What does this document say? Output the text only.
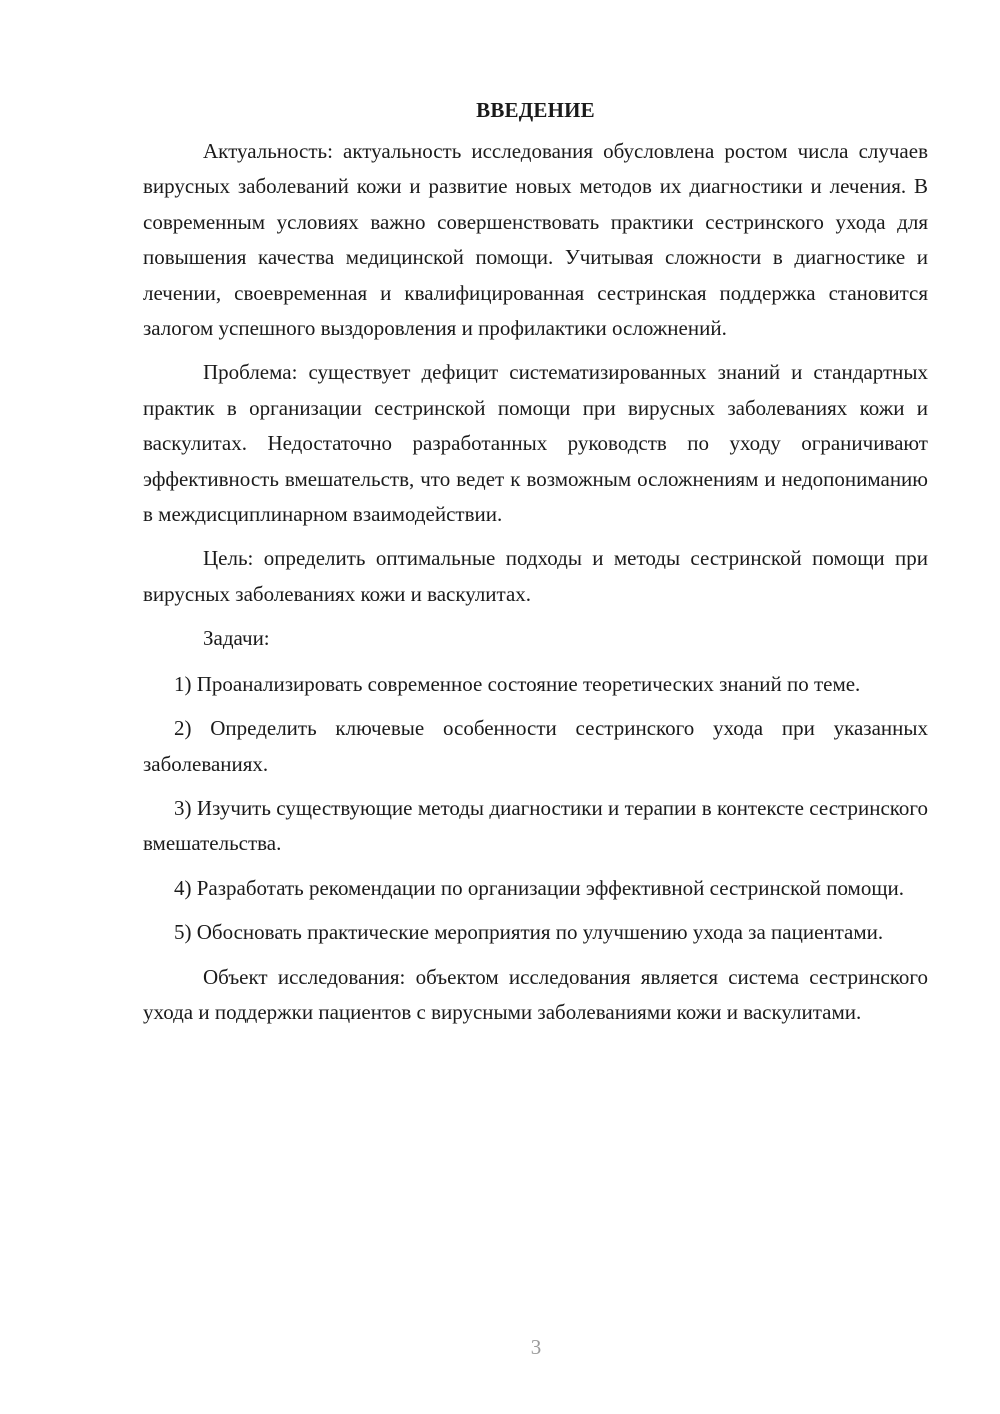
ВВЕДЕНИЕ

Актуальность: актуальность исследования обусловлена ростом числа случаев вирусных заболеваний кожи и развитие новых методов их диагностики и лечения. В современным условиях важно совершенствовать практики сестринского ухода для повышения качества медицинской помощи. Учитывая сложности в диагностике и лечении, своевременная и квалифицированная сестринская поддержка становится залогом успешного выздоровления и профилактики осложнений.

Проблема: существует дефицит систематизированных знаний и стандартных практик в организации сестринской помощи при вирусных заболеваниях кожи и васкулитах. Недостаточно разработанных руководств по уходу ограничивают эффективность вмешательств, что ведет к возможным осложнениям и недопониманию в междисциплинарном взаимодействии.

Цель: определить оптимальные подходы и методы сестринской помощи при вирусных заболеваниях кожи и васкулитах.

Задачи:

1) Проанализировать современное состояние теоретических знаний по теме.

2) Определить ключевые особенности сестринского ухода при указанных заболеваниях.

3) Изучить существующие методы диагностики и терапии в контексте сестринского вмешательства.

4) Разработать рекомендации по организации эффективной сестринской помощи.

5) Обосновать практические мероприятия по улучшению ухода за пациентами.

Объект исследования: объектом исследования является система сестринского ухода и поддержки пациентов с вирусными заболеваниями кожи и васкулитами.

3
